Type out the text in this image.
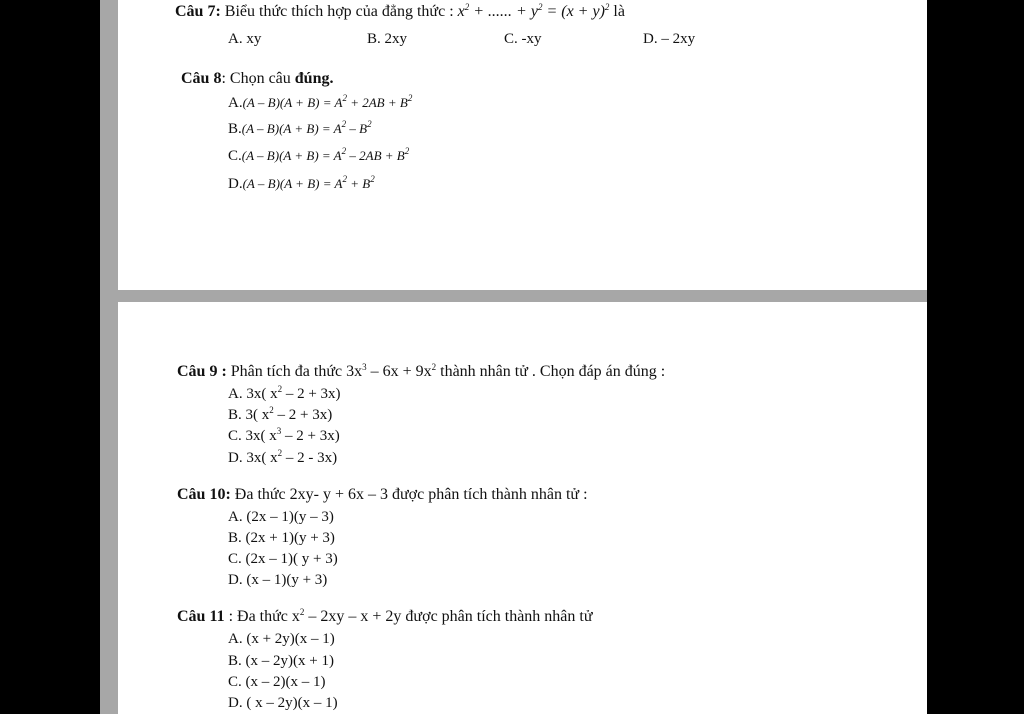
Câu 7: Biểu thức thích hợp của đẳng thức : $x^2$ + ...... + $y^2 = (x + y)^2$ là
A. xy	B. 2xy	C. -xy	D. – 2xy
Câu 8: Chọn câu đúng.
$A.(A - B)(A + B) = A^2 + 2AB + B^2$
$B.(A - B)(A + B) = A^2 - B^2$
$C.(A - B)(A + B) = A^2 - 2AB + B^2$
$D.(A - B)(A + B) = A^2 + B^2$
Câu 9 : Phân tích đa thức $3x^3 - 6x + 9x^2$ thành nhân tử . Chọn đáp án đúng :
A. 3x( $x^2 - 2 + 3x$)
B. 3( $x^2 - 2 + 3x$)
C. 3x( $x^3 - 2 + 3x$)
D. 3x( $x^2 - 2 - 3x$)
Câu 10: Đa thức 2xy- y + 6x – 3 được phân tích thành nhân tử :
A. (2x – 1)(y – 3)
B. (2x + 1)(y + 3)
C. (2x – 1)( y + 3)
D. (x – 1)(y + 3)
Câu 11 : Đa thức $x^2 - 2xy - x + 2y$ được phân tích thành nhân tử
A. (x + 2y)(x – 1)
B. (x – 2y)(x + 1)
C. (x – 2)(x – 1)
D. ( x – 2y)(x – 1)
